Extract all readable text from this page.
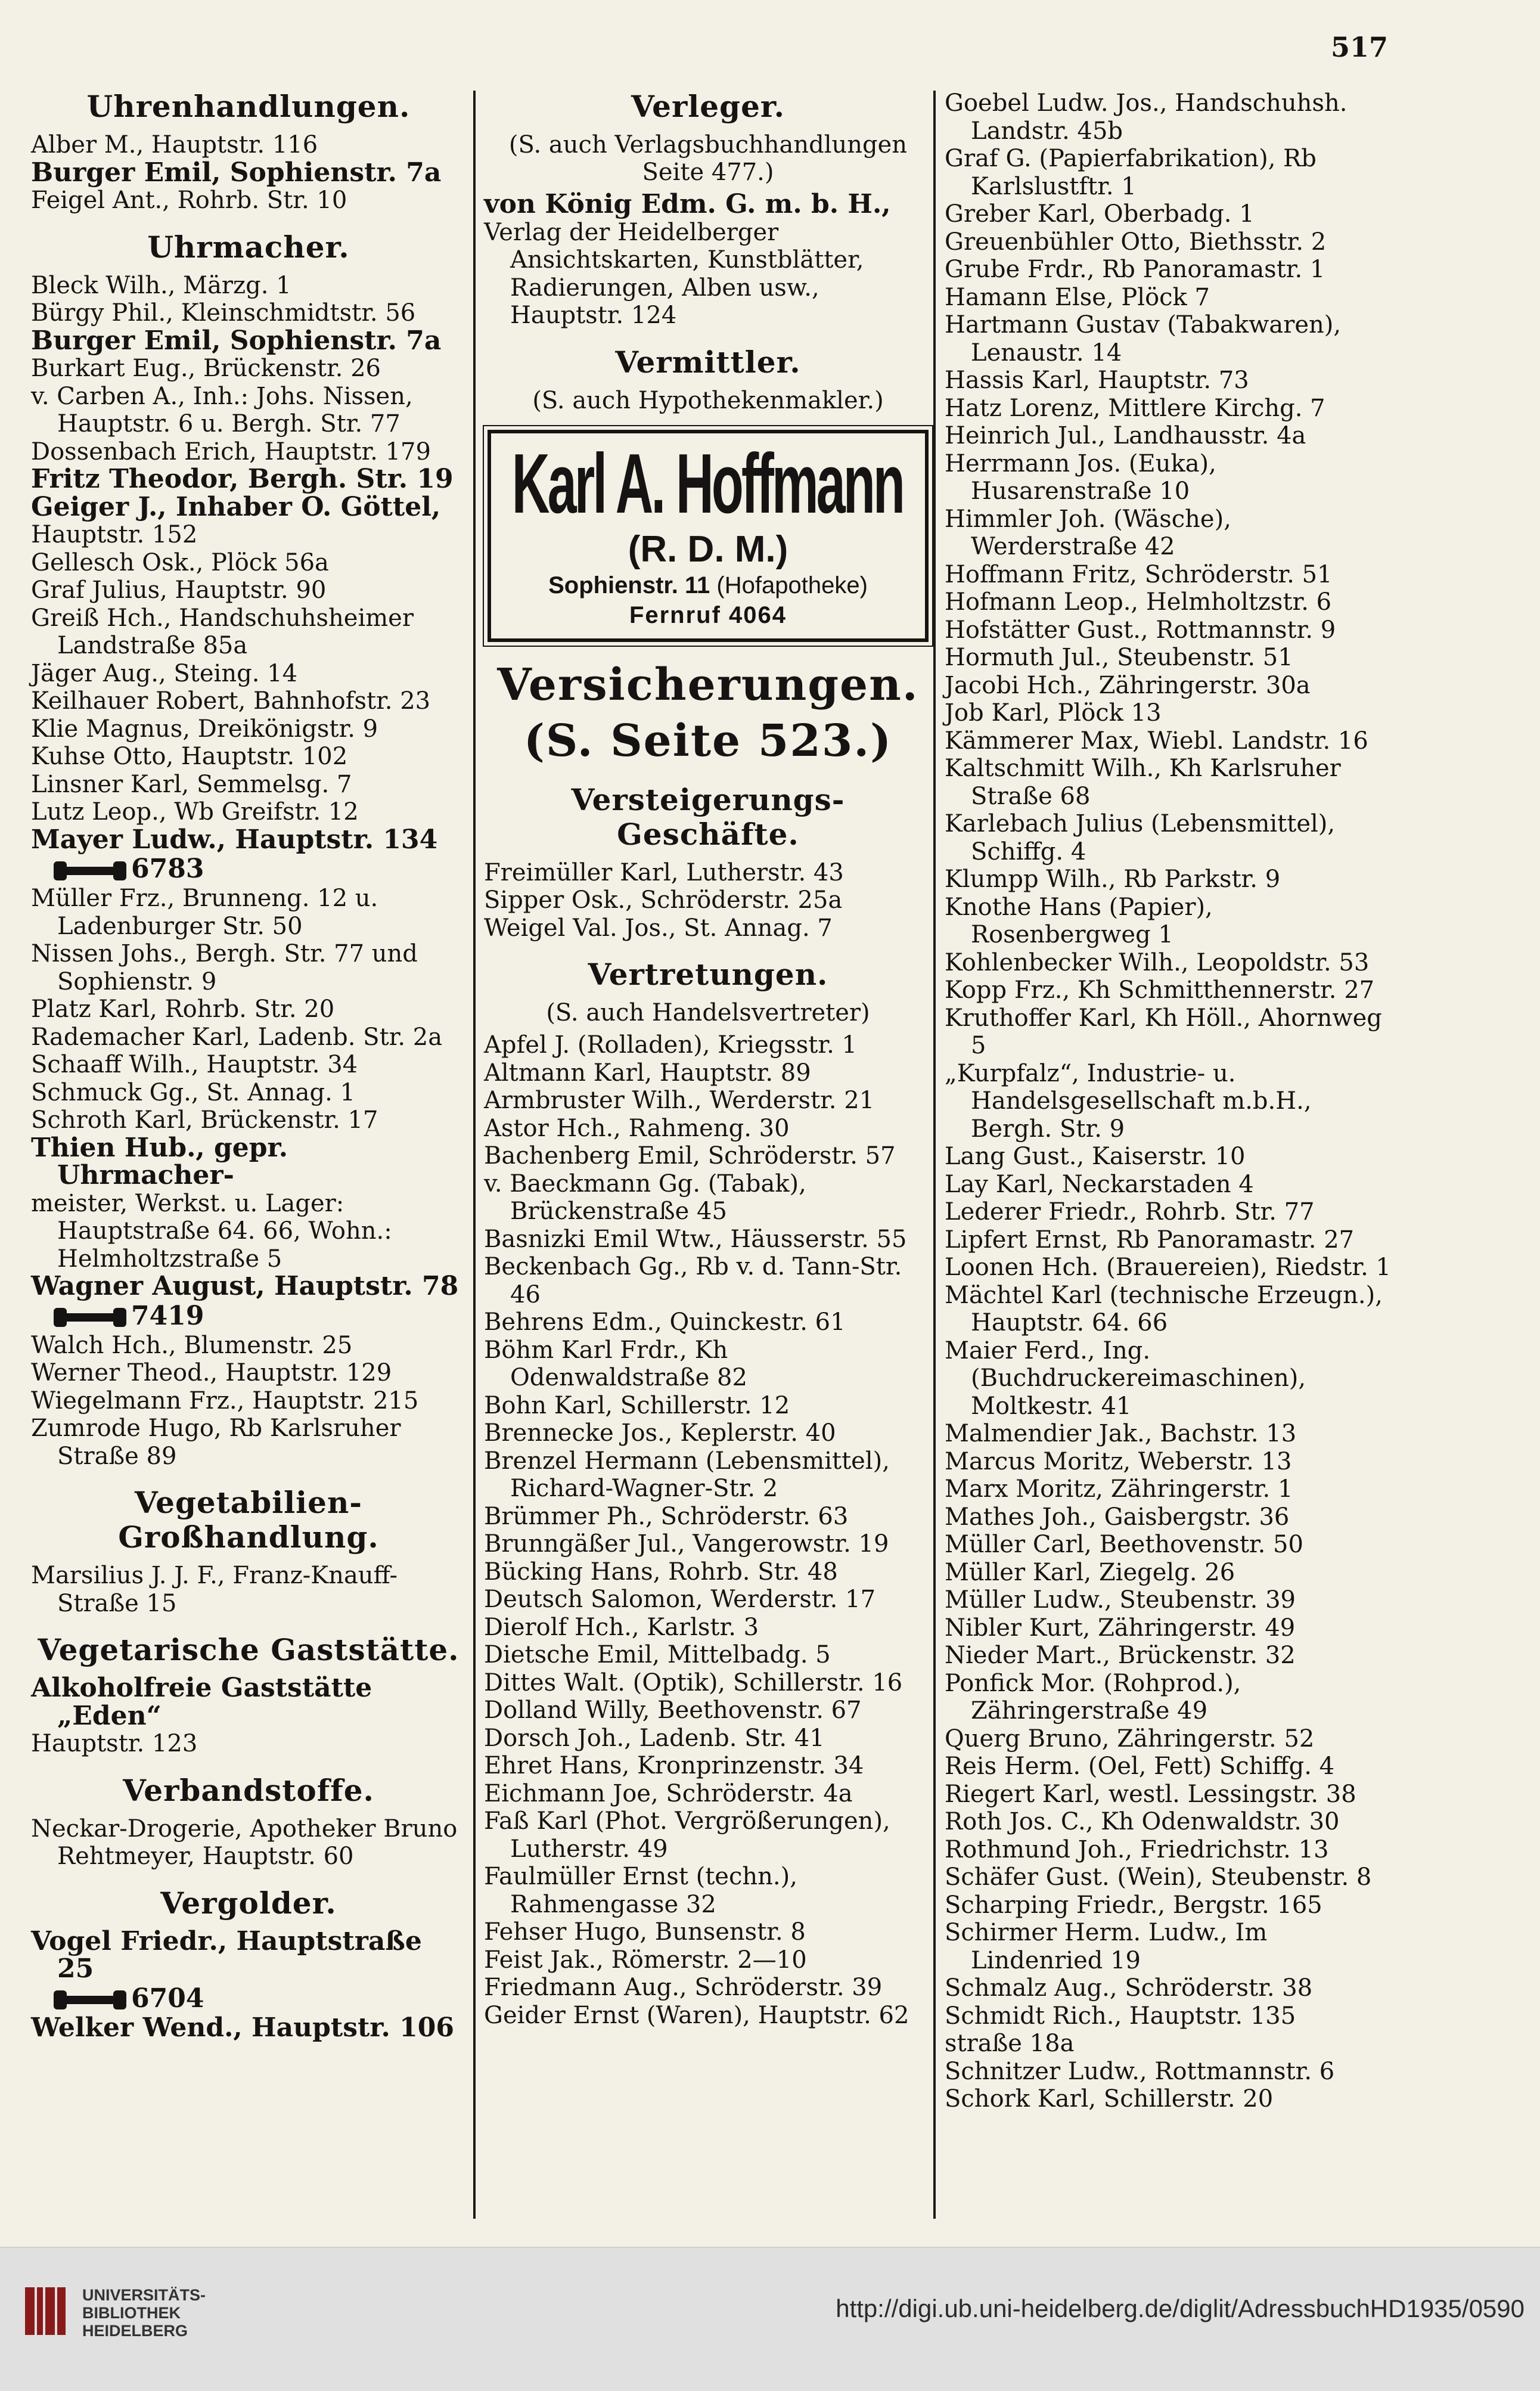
517
Uhrenhandlungen.
Alber M., Hauptstr. 116
Burger Emil, Sophienstr. 7a
Feigel Ant., Rohrb. Str. 10
Uhrmacher.
Bleck Wilh., Märzg. 1
Bürgy Phil., Kleinschmidtstr. 56
Burger Emil, Sophienstr. 7a
Burkart Eug., Brückenstr. 26
v. Carben A., Inh.: Johs. Nissen, Hauptstr. 6 u. Bergh. Str. 77
Dossenbach Erich, Hauptstr. 179
Fritz Theodor, Bergh. Str. 19
Geiger J., Inhaber O. Göttel,
Hauptstr. 152
Gellesch Osk., Plöck 56a
Graf Julius, Hauptstr. 90
Greiß Hch., Handschuhsheimer Landstraße 85a
Jäger Aug., Steing. 14
Keilhauer Robert, Bahnhofstr. 23
Klie Magnus, Dreikönigstr. 9
Kuhse Otto, Hauptstr. 102
Linsner Karl, Semmelsg. 7
Lutz Leop., Wb Greifstr. 12
Mayer Ludw., Hauptstr. 134
6783
Müller Frz., Brunneng. 12 u. Ladenburger Str. 50
Nissen Johs., Bergh. Str. 77 und Sophienstr. 9
Platz Karl, Rohrb. Str. 20
Rademacher Karl, Ladenb. Str. 2a
Schaaff Wilh., Hauptstr. 34
Schmuck Gg., St. Annag. 1
Schroth Karl, Brückenstr. 17
Thien Hub., gepr. Uhrmacher-
meister, Werkst. u. Lager: Hauptstraße 64. 66, Wohn.: Helmholtzstraße 5
Wagner August, Hauptstr. 78
7419
Walch Hch., Blumenstr. 25
Werner Theod., Hauptstr. 129
Wiegelmann Frz., Hauptstr. 215
Zumrode Hugo, Rb Karlsruher Straße 89
Vegetabilien-Großhandlung.
Marsilius J. J. F., Franz-Knauff-Straße 15
Vegetarische Gaststätte.
Alkoholfreie Gaststätte „Eden“
Hauptstr. 123
Verbandstoffe.
Neckar-Drogerie, Apotheker Bruno Rehtmeyer, Hauptstr. 60
Vergolder.
Vogel Friedr., Hauptstraße 25
6704
Welker Wend., Hauptstr. 106
Verleger.
(S. auch Verlagsbuchhandlungen Seite 477.)
von König Edm. G. m. b. H.,
Verlag der Heidelberger Ansichtskarten, Kunstblätter, Radierungen, Alben usw., Hauptstr. 124
Vermittler.
(S. auch Hypothekenmakler.)
Karl A. Hoffmann
(R. D. M.)
Sophienstr. 11 (Hofapotheke)
Fernruf 4064
Versicherungen.
(S. Seite 523.)
Versteigerungs-Geschäfte.
Freimüller Karl, Lutherstr. 43
Sipper Osk., Schröderstr. 25a
Weigel Val. Jos., St. Annag. 7
Vertretungen.
(S. auch Handelsvertreter)
Apfel J. (Rolladen), Kriegsstr. 1
Altmann Karl, Hauptstr. 89
Armbruster Wilh., Werderstr. 21
Astor Hch., Rahmeng. 30
Bachenberg Emil, Schröderstr. 57
v. Baeckmann Gg. (Tabak), Brückenstraße 45
Basnizki Emil Wtw., Häusserstr. 55
Beckenbach Gg., Rb v. d. Tann-Str. 46
Behrens Edm., Quinckestr. 61
Böhm Karl Frdr., Kh Odenwaldstraße 82
Bohn Karl, Schillerstr. 12
Brennecke Jos., Keplerstr. 40
Brenzel Hermann (Lebensmittel), Richard-Wagner-Str. 2
Brümmer Ph., Schröderstr. 63
Brunngäßer Jul., Vangerowstr. 19
Bücking Hans, Rohrb. Str. 48
Deutsch Salomon, Werderstr. 17
Dierolf Hch., Karlstr. 3
Dietsche Emil, Mittelbadg. 5
Dittes Walt. (Optik), Schillerstr. 16
Dolland Willy, Beethovenstr. 67
Dorsch Joh., Ladenb. Str. 41
Ehret Hans, Kronprinzenstr. 34
Eichmann Joe, Schröderstr. 4a
Faß Karl (Phot. Vergrößerungen), Lutherstr. 49
Faulmüller Ernst (techn.), Rahmengasse 32
Fehser Hugo, Bunsenstr. 8
Feist Jak., Römerstr. 2—10
Friedmann Aug., Schröderstr. 39
Geider Ernst (Waren), Hauptstr. 62
Goebel Ludw. Jos., Handschuhsh. Landstr. 45b
Graf G. (Papierfabrikation), Rb Karlslustftr. 1
Greber Karl, Oberbadg. 1
Greuenbühler Otto, Biethsstr. 2
Grube Frdr., Rb Panoramastr. 1
Hamann Else, Plöck 7
Hartmann Gustav (Tabakwaren), Lenaustr. 14
Hassis Karl, Hauptstr. 73
Hatz Lorenz, Mittlere Kirchg. 7
Heinrich Jul., Landhausstr. 4a
Herrmann Jos. (Euka), Husarenstraße 10
Himmler Joh. (Wäsche), Werderstraße 42
Hoffmann Fritz, Schröderstr. 51
Hofmann Leop., Helmholtzstr. 6
Hofstätter Gust., Rottmannstr. 9
Hormuth Jul., Steubenstr. 51
Jacobi Hch., Zähringerstr. 30a
Job Karl, Plöck 13
Kämmerer Max, Wiebl. Landstr. 16
Kaltschmitt Wilh., Kh Karlsruher Straße 68
Karlebach Julius (Lebensmittel), Schiffg. 4
Klumpp Wilh., Rb Parkstr. 9
Knothe Hans (Papier), Rosenbergweg 1
Kohlenbecker Wilh., Leopoldstr. 53
Kopp Frz., Kh Schmitthennerstr. 27
Kruthoffer Karl, Kh Höll., Ahornweg 5
„Kurpfalz“, Industrie- u. Handelsgesellschaft m.b.H., Bergh. Str. 9
Lang Gust., Kaiserstr. 10
Lay Karl, Neckarstaden 4
Lederer Friedr., Rohrb. Str. 77
Lipfert Ernst, Rb Panoramastr. 27
Loonen Hch. (Brauereien), Riedstr. 1
Mächtel Karl (technische Erzeugn.), Hauptstr. 64. 66
Maier Ferd., Ing. (Buchdruckereimaschinen), Moltkestr. 41
Malmendier Jak., Bachstr. 13
Marcus Moritz, Weberstr. 13
Marx Moritz, Zähringerstr. 1
Mathes Joh., Gaisbergstr. 36
Müller Carl, Beethovenstr. 50
Müller Karl, Ziegelg. 26
Müller Ludw., Steubenstr. 39
Nibler Kurt, Zähringerstr. 49
Nieder Mart., Brückenstr. 32
Ponfick Mor. (Rohprod.), Zähringerstraße 49
Querg Bruno, Zähringerstr. 52
Reis Herm. (Oel, Fett) Schiffg. 4
Riegert Karl, westl. Lessingstr. 38
Roth Jos. C., Kh Odenwaldstr. 30
Rothmund Joh., Friedrichstr. 13
Schäfer Gust. (Wein), Steubenstr. 8
Scharping Friedr., Bergstr. 165
Schirmer Herm. Ludw., Im Lindenried 19
Schmalz Aug., Schröderstr. 38
Schmidt Rich., Hauptstr. 135
straße 18a
Schnitzer Ludw., Rottmannstr. 6
Schork Karl, Schillerstr. 20
UNIVERSITÄTS-
BIBLIOTHEK
HEIDELBERG
http://digi.ub.uni-heidelberg.de/diglit/AdressbuchHD1935/0590
